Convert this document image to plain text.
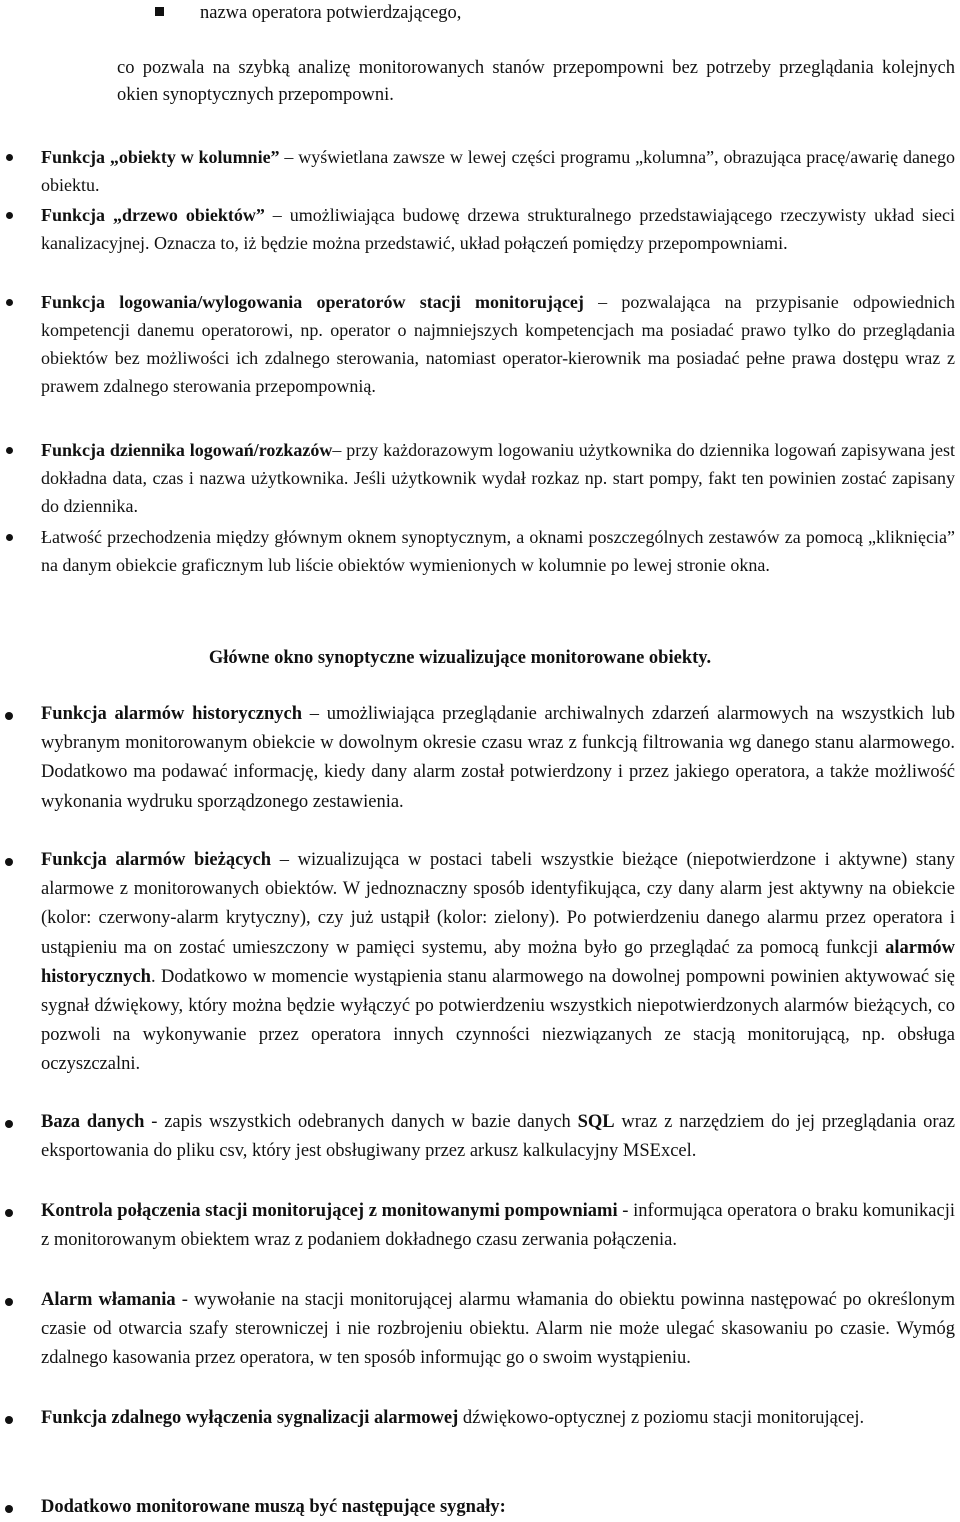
nazwa operatora potwierdzającego,
co pozwala na szybką analizę monitorowanych stanów przepompowni bez potrzeby przeglądania kolejnych okien synoptycznych przepompowni.
Funkcja „obiekty w kolumnie” – wyświetlana zawsze w lewej części programu „kolumna”, obrazująca pracę/awarię danego obiektu.
Funkcja „drzewo obiektów” – umożliwiająca budowę drzewa strukturalnego przedstawiającego rzeczywisty układ sieci kanalizacyjnej. Oznacza to, iż będzie można przedstawić, układ połączeń pomiędzy przepompowniami.
Funkcja logowania/wylogowania operatorów stacji monitorującej – pozwalająca na przypisanie odpowiednich kompetencji danemu operatorowi, np. operator o najmniejszych kompetencjach ma posiadać prawo tylko do przeglądania obiektów bez możliwości ich zdalnego sterowania, natomiast operator-kierownik ma posiadać pełne prawa dostępu wraz z prawem zdalnego sterowania przepompownią.
Funkcja dziennika logowań/rozkazów– przy każdorazowym logowaniu użytkownika do dziennika logowań zapisywana jest dokładna data, czas i nazwa użytkownika. Jeśli użytkownik wydał rozkaz np. start pompy, fakt ten powinien zostać zapisany do dziennika.
Łatwość przechodzenia między głównym oknem synoptycznym, a oknami poszczególnych zestawów za pomocą „kliknięcia” na danym obiekcie graficznym lub liście obiektów wymienionych w kolumnie po lewej stronie okna.
Główne okno synoptyczne wizualizujące monitorowane obiekty.
Funkcja alarmów historycznych – umożliwiająca przeglądanie archiwalnych zdarzeń alarmowych na wszystkich lub wybranym monitorowanym obiekcie w dowolnym okresie czasu wraz z funkcją filtrowania wg danego stanu alarmowego. Dodatkowo ma podawać informację, kiedy dany alarm został potwierdzony i przez jakiego operatora, a także możliwość wykonania wydruku sporządzonego zestawienia.
Funkcja alarmów bieżących – wizualizująca w postaci tabeli wszystkie bieżące (niepotwierdzone i aktywne) stany alarmowe z monitorowanych obiektów. W jednoznaczny sposób identyfikująca, czy dany alarm jest aktywny na obiekcie (kolor: czerwony-alarm krytyczny), czy już ustąpił (kolor: zielony). Po potwierdzeniu danego alarmu przez operatora i ustąpieniu ma on zostać umieszczony w pamięci systemu, aby można było go przeglądać za pomocą funkcji alarmów historycznych. Dodatkowo w momencie wystąpienia stanu alarmowego na dowolnej pompowni powinien aktywować się sygnał dźwiękowy, który można będzie wyłączyć po potwierdzeniu wszystkich niepotwierdzonych alarmów bieżących, co pozwoli na wykonywanie przez operatora innych czynności niezwiązanych ze stacją monitorującą, np. obsługa oczyszczalni.
Baza danych - zapis wszystkich odebranych danych w bazie danych SQL wraz z narzędziem do jej przeglądania oraz eksportowania do pliku csv, który jest obsługiwany przez arkusz kalkulacyjny MSExcel.
Kontrola połączenia stacji monitorującej z monitowanymi pompowniami - informująca operatora o braku komunikacji z monitorowanym obiektem wraz z podaniem dokładnego czasu zerwania połączenia.
Alarm włamania - wywołanie na stacji monitorującej alarmu włamania do obiektu powinna następować po określonym czasie od otwarcia szafy sterowniczej i nie rozbrojeniu obiektu. Alarm nie może ulegać skasowaniu po czasie. Wymóg zdalnego kasowania przez operatora, w ten sposób informując go o swoim wystąpieniu.
Funkcja zdalnego wyłączenia sygnalizacji alarmowej dźwiękowo-optycznej z poziomu stacji monitorującej.
Dodatkowo monitorowane muszą być następujące sygnały:
